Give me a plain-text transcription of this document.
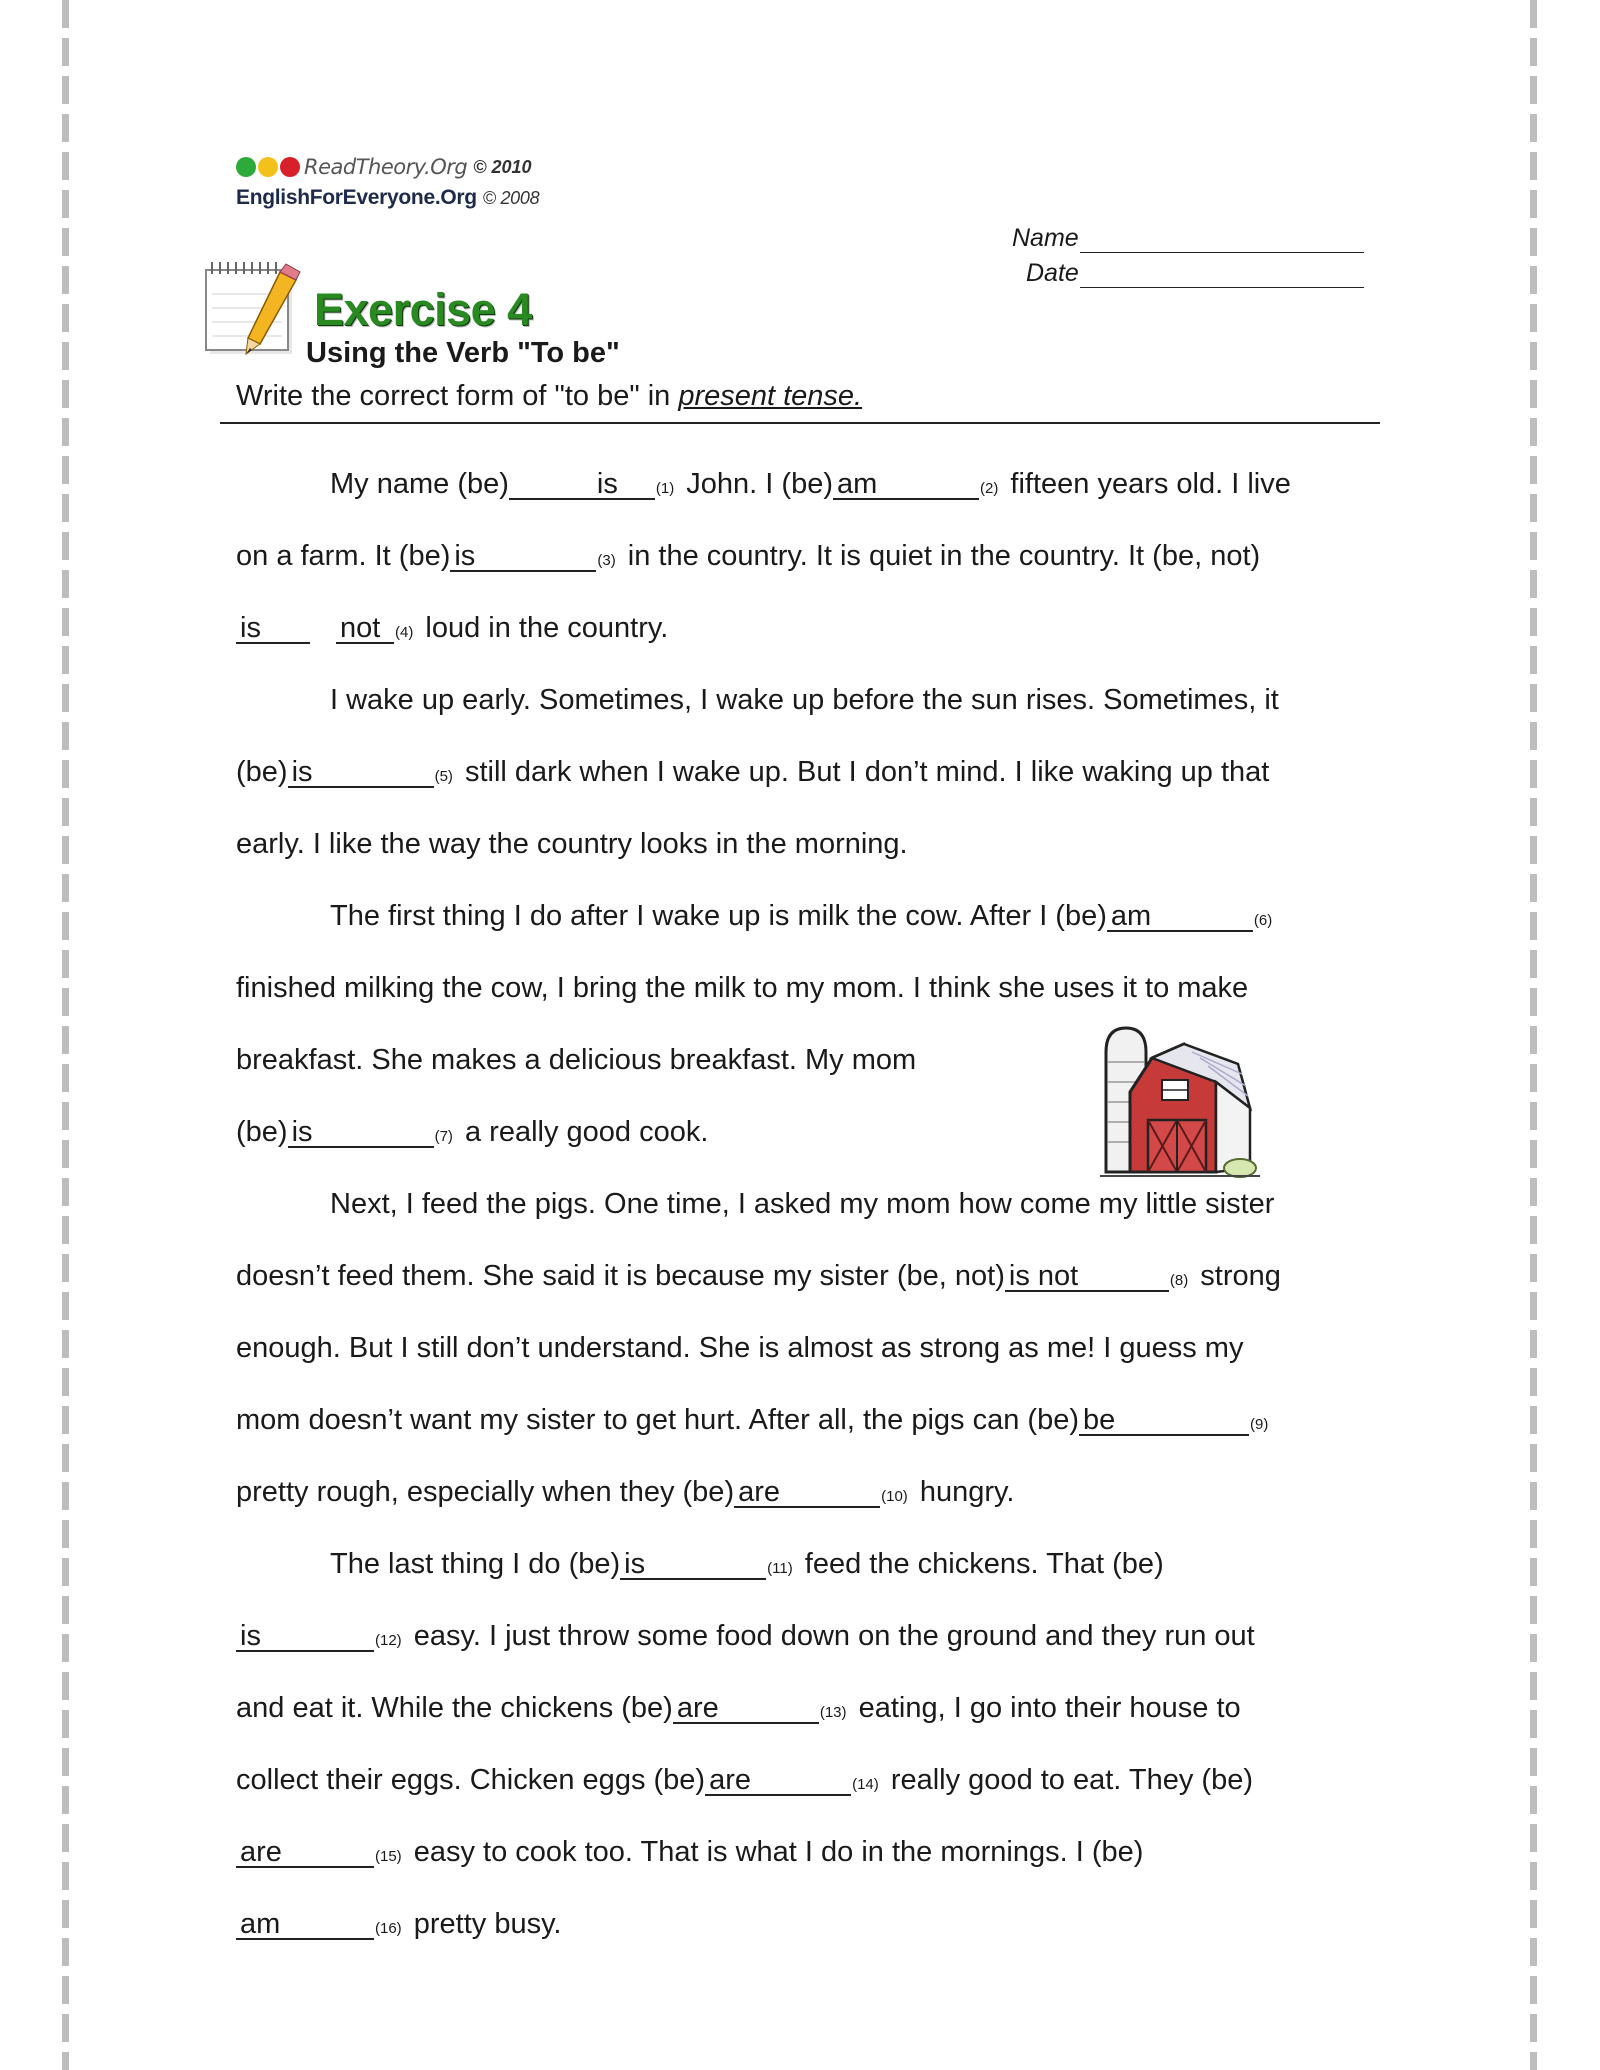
ReadTheory.Org © 2010
EnglishForEveryone.Org © 2008
Name
Date
Exercise 4
Using the Verb "To be"
Write the correct form of "to be" in present tense.
My name (be)	is	(1) John. I (be) am	(2) fifteen years old. I live
on a farm. It (be) is	(3) in the country. It is quiet in the country. It (be, not)
is	not (4) loud in the country.
I wake up early. Sometimes, I wake up before the sun rises. Sometimes, it
(be) is	(5) still dark when I wake up. But I don’t mind. I like waking up that
early. I like the way the country looks in the morning.
The first thing I do after I wake up is milk the cow. After I (be) am	(6)
finished milking the cow, I bring the milk to my mom. I think she uses it to make
breakfast. She makes a delicious breakfast. My mom
(be) is	(7) a really good cook.
Next, I feed the pigs. One time, I asked my mom how come my little sister
doesn’t feed them. She said it is because my sister (be, not) is not	(8) strong
enough. But I still don’t understand. She is almost as strong as me! I guess my
mom doesn’t want my sister to get hurt. After all, the pigs can (be) be	(9)
pretty rough, especially when they (be) are	(10) hungry.
The last thing I do (be) is	(11) feed the chickens. That (be)
is	(12) easy. I just throw some food down on the ground and they run out
and eat it. While the chickens (be) are	(13) eating, I go into their house to
collect their eggs. Chicken eggs (be) are	(14) really good to eat. They (be)
are	(15) easy to cook too. That is what I do in the mornings. I (be)
am	(16) pretty busy.
